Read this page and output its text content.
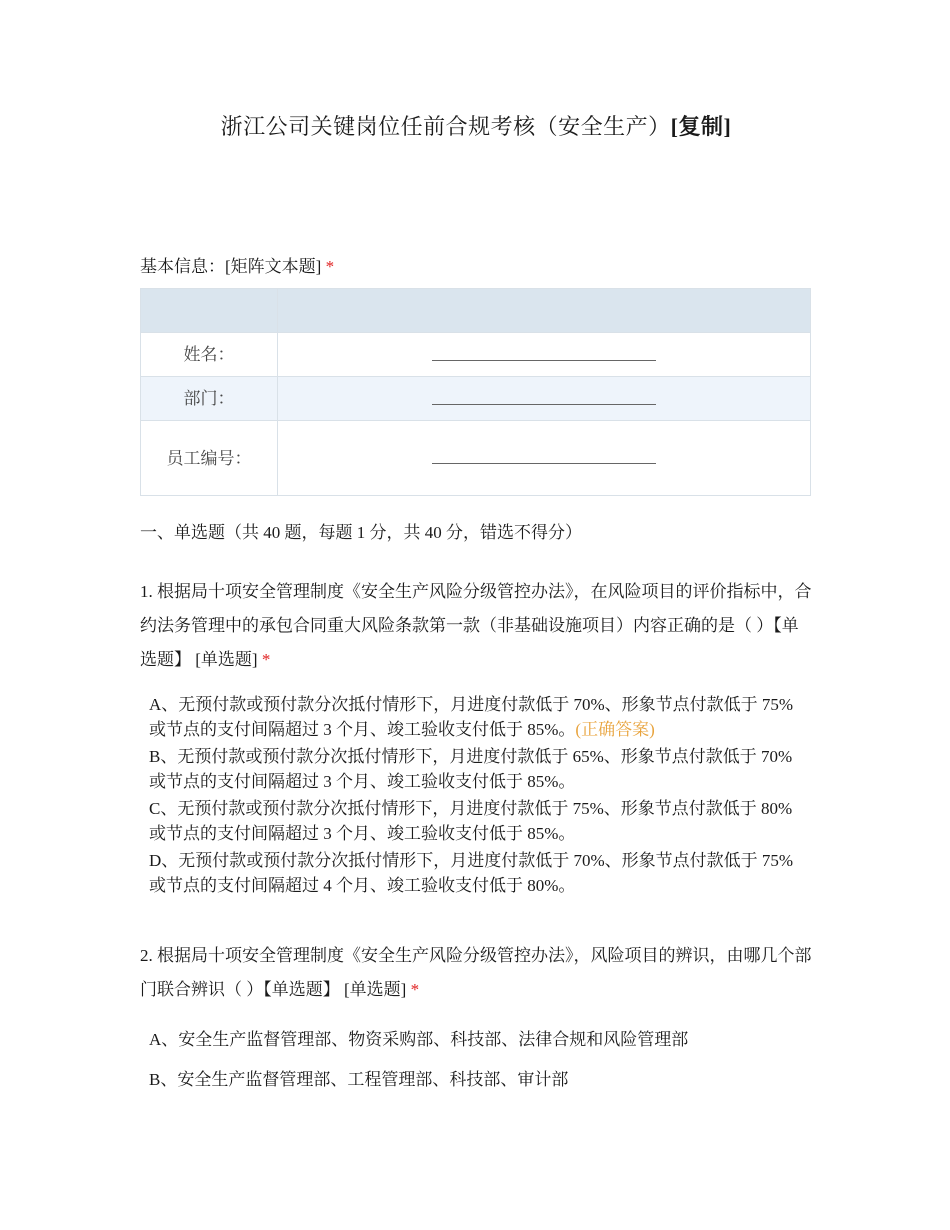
浙江公司关键岗位任前合规考核（安全生产）[复制]
基本信息：[矩阵文本题] *

姓名：	
部门：	
员工编号：	
一、单选题（共 40 题，每题 1 分，共 40 分，错选不得分）
1. 根据局十项安全管理制度《安全生产风险分级管控办法》，在风险项目的评价指标中，合约法务管理中的承包合同重大风险条款第一款（非基础设施项目）内容正确的是（ ）【单选题】 [单选题] *
A、无预付款或预付款分次抵付情形下，月进度付款低于 70%、形象节点付款低于 75%或节点的支付间隔超过 3 个月、竣工验收支付低于 85%。(正确答案)
B、无预付款或预付款分次抵付情形下，月进度付款低于 65%、形象节点付款低于 70%或节点的支付间隔超过 3 个月、竣工验收支付低于 85%。
C、无预付款或预付款分次抵付情形下，月进度付款低于 75%、形象节点付款低于 80%或节点的支付间隔超过 3 个月、竣工验收支付低于 85%。
D、无预付款或预付款分次抵付情形下，月进度付款低于 70%、形象节点付款低于 75%或节点的支付间隔超过 4 个月、竣工验收支付低于 80%。
2. 根据局十项安全管理制度《安全生产风险分级管控办法》，风险项目的辨识，由哪几个部门联合辨识（ ）【单选题】 [单选题] *
A、安全生产监督管理部、物资采购部、科技部、法律合规和风险管理部
B、安全生产监督管理部、工程管理部、科技部、审计部
